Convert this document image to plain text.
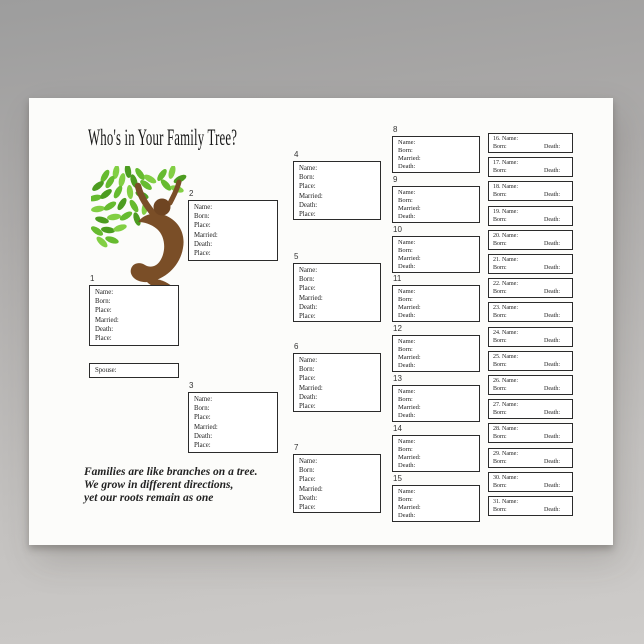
Who's in Your Family Tree?
Spouse:
1
Name:
Born:
Place:
Married:
Death:
Place:
2
Name:
Born:
Place:
Married:
Death:
Place:
3
Name:
Born:
Place:
Married:
Death:
Place:
4
Name:
Born:
Place:
Married:
Death:
Place:
5
Name:
Born:
Place:
Married:
Death:
Place:
6
Name:
Born:
Place:
Married:
Death:
Place:
7
Name:
Born:
Place:
Married:
Death:
Place:
8
Name:
Born:
Married:
Death:
9
Name:
Born:
Married:
Death:
10
Name:
Born:
Married:
Death:
11
Name:
Born:
Married:
Death:
12
Name:
Born:
Married:
Death:
13
Name:
Born:
Married:
Death:
14
Name:
Born:
Married:
Death:
15
Name:
Born:
Married:
Death:
16. Name:
Born:	Death:
17. Name:
Born:	Death:
18. Name:
Born:	Death:
19. Name:
Born:	Death:
20. Name:
Born:	Death:
21. Name:
Born:	Death:
22. Name:
Born:	Death:
23. Name:
Born:	Death:
24. Name:
Born:	Death:
25. Name:
Born:	Death:
26. Name:
Born:	Death:
27. Name:
Born:	Death:
28. Name:
Born:	Death:
29. Name:
Born:	Death:
30. Name:
Born:	Death:
31. Name:
Born:	Death:
Families are like branches on a tree.
We grow in different directions,
yet our roots remain as one
